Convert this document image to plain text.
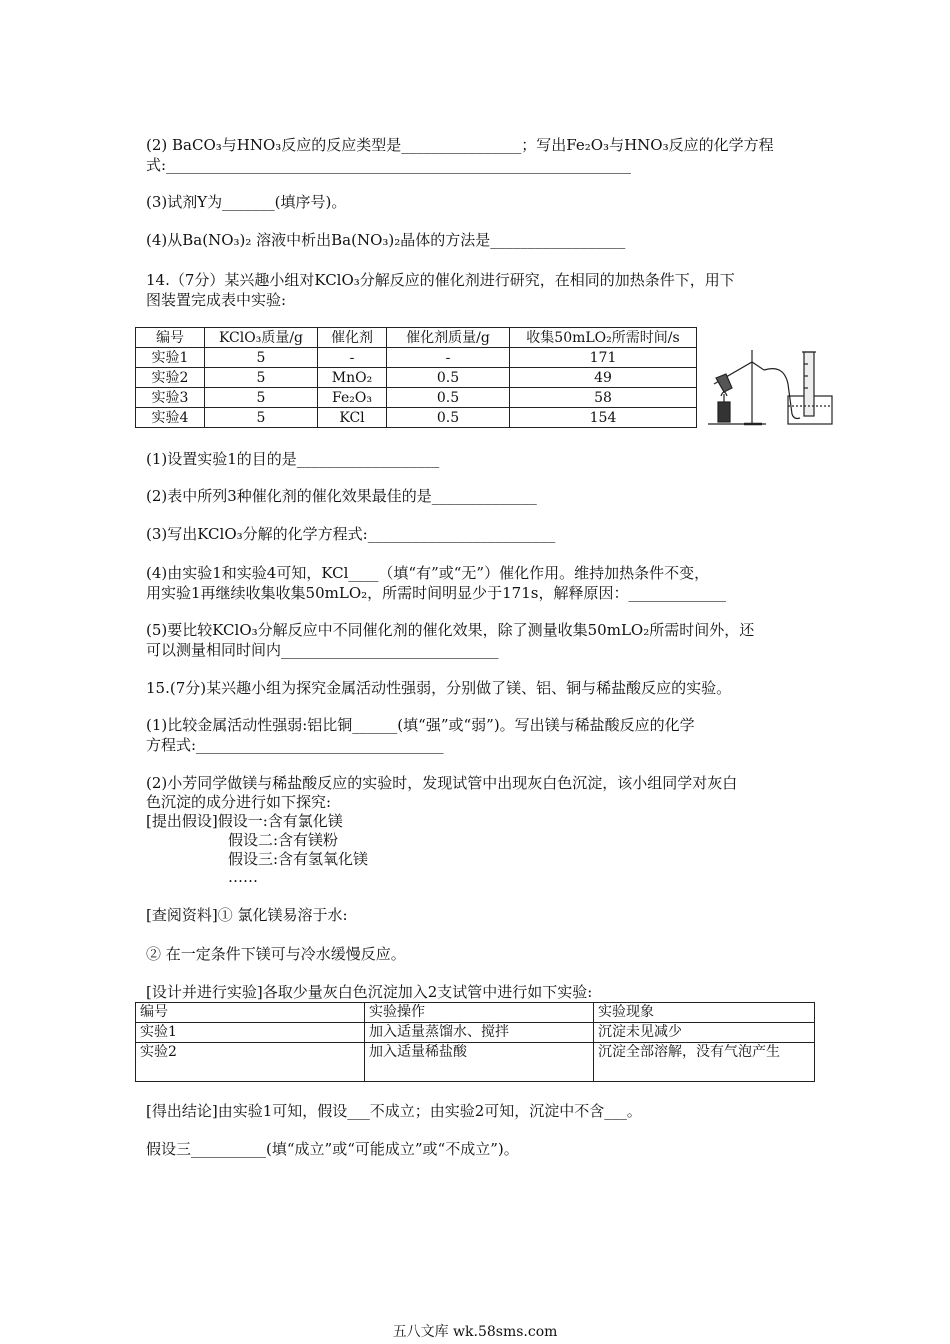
(2) BaCO₃与HNO₃反应的反应类型是________________；写出Fe₂O₃与HNO₃反应的化学方程
式:______________________________________________________________
(3)试剂Y为_______(填序号)。
(4)从Ba(NO₃)₂ 溶液中析出Ba(NO₃)₂晶体的方法是__________________
14.（7分）某兴趣小组对KClO₃分解反应的催化剂进行研究，在相同的加热条件下，用下
图装置完成表中实验:
编号	KClO₃质量/g	催化剂	催化剂质量/g	收集50mLO₂所需时间/s
实验1	5	-	-	171
实验2	5	MnO₂	0.5	49
实验3	5	Fe₂O₃	0.5	58
实验4	5	KCl	0.5	154
(1)设置实验1的目的是___________________
(2)表中所列3种催化剂的催化效果最佳的是______________
(3)写出KClO₃分解的化学方程式:_________________________
(4)由实验1和实验4可知，KCl____（填“有”或“无”）催化作用。维持加热条件不变，
用实验1再继续收集收集50mLO₂，所需时间明显少于171s，解释原因：_____________
(5)要比较KClO₃分解反应中不同催化剂的催化效果，除了测量收集50mLO₂所需时间外，还
可以测量相同时间内_____________________________
15.(7分)某兴趣小组为探究金属活动性强弱，分别做了镁、铝、铜与稀盐酸反应的实验。
(1)比较金属活动性强弱:铝比铜______(填“强”或“弱”)。写出镁与稀盐酸反应的化学
方程式:_________________________________
(2)小芳同学做镁与稀盐酸反应的实验时，发现试管中出现灰白色沉淀，该小组同学对灰白
色沉淀的成分进行如下探究:
[提出假设]假设一:含有氯化镁
假设二:含有镁粉
假设三:含有氢氧化镁
……
[查阅资料]① 氯化镁易溶于水:
② 在一定条件下镁可与冷水缓慢反应。
[设计并进行实验]各取少量灰白色沉淀加入2支试管中进行如下实验:
编号	实验操作	实验现象
实验1	加入适量蒸馏水、搅拌	沉淀未见减少
实验2	加入适量稀盐酸	沉淀全部溶解，没有气泡产生
[得出结论]由实验1可知，假设___不成立；由实验2可知，沉淀中不含___。
假设三__________(填“成立”或“可能成立”或“不成立”)。
五八文库 wk.58sms.com
